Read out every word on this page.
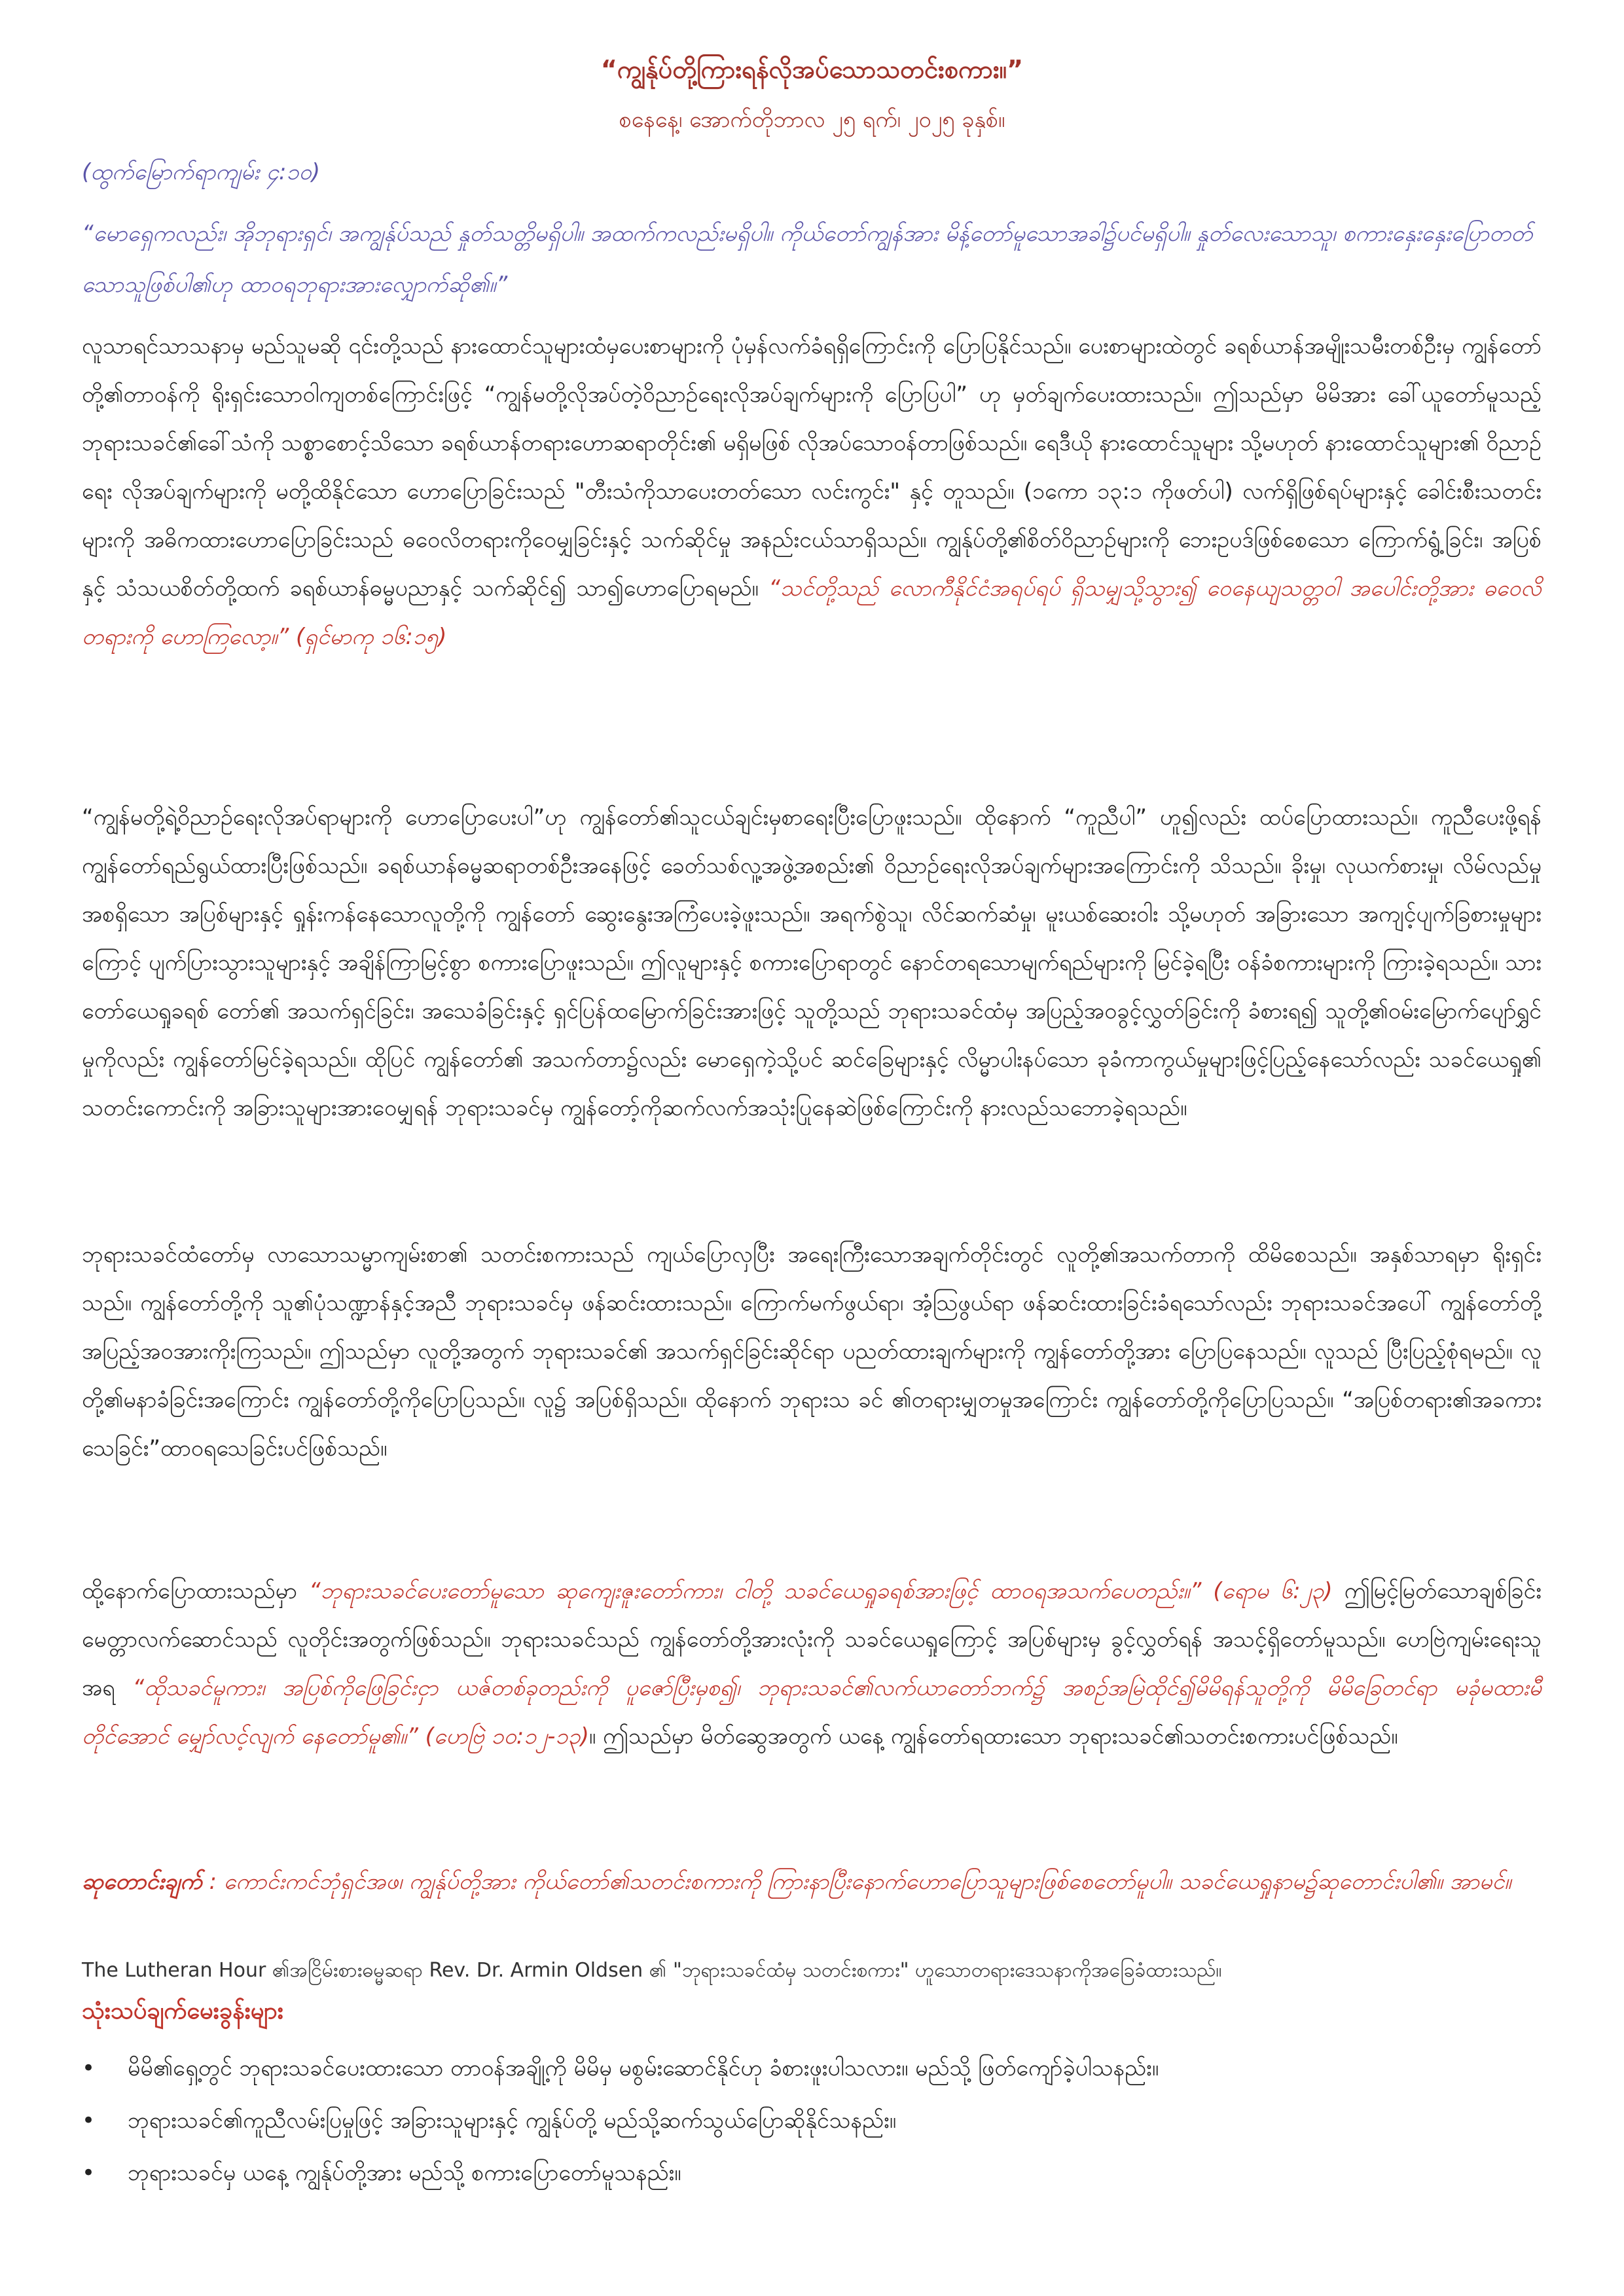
“ကျွန်ုပ်တို့ကြားရန်လိုအပ်သောသတင်းစကား။”
စနေနေ့၊ အောက်တိုဘာလ ၂၅ ရက်၊ ၂၀၂၅ ခုနှစ်။
(ထွက်မြောက်ရာကျမ်း ၄:၁၀)
“မောရှေကလည်း၊ အိုဘုရားရှင်၊ အကျွန်ုပ်သည် နှုတ်သတ္တိမရှိပါ။ အထက်ကလည်းမရှိပါ။ ကိုယ်တော်ကျွန်အား မိန့်တော်မူသောအခါ၌ပင်မရှိပါ။ နှုတ်လေးသောသူ၊ စကားနှေးနှေးပြောတတ်သောသူဖြစ်ပါ၏ဟု ထာဝရဘုရားအားလျှောက်ဆို၏။”
လူသာရင်သာသနာမှ မည်သူမဆို ၎င်းတို့သည် နားထောင်သူများထံမှပေးစာများကို ပုံမှန်လက်ခံရရှိကြောင်းကို ပြောပြနိုင်သည်။ ပေးစာများထဲတွင် ခရစ်ယာန်အမျိုးသမီးတစ်ဦးမှ ကျွန်တော်တို့၏တာဝန်ကို ရိုးရှင်းသောဝါကျတစ်ကြောင်းဖြင့် “ကျွန်မတို့လိုအပ်တဲ့ဝိညာဉ်ရေးလိုအပ်ချက်များကို ပြောပြပါ” ဟု မှတ်ချက်ပေးထားသည်။ ဤသည်မှာ မိမိအား ခေါ်ယူတော်မူသည့် ဘုရားသခင်၏ခေါ်သံကို သစ္စာစောင့်သိသော ခရစ်ယာန်တရားဟောဆရာတိုင်း၏ မရှိမဖြစ် လိုအပ်သောဝန်တာဖြစ်သည်။ ရေဒီယို နားထောင်သူများ သို့မဟုတ် နားထောင်သူများ၏ ဝိညာဉ်ရေး လိုအပ်ချက်များကို မတို့ထိနိုင်သော ဟောပြောခြင်းသည် "တီးသံကိုသာပေးတတ်သော လင်းကွင်း" နှင့် တူသည်။ (၁ကော ၁၃:၁ ကိုဖတ်ပါ) လက်ရှိဖြစ်ရပ်များနှင့် ခေါင်းစီးသတင်းများကို အဓိကထားဟောပြောခြင်းသည် ဓဝေလိတရားကိုဝေမျှခြင်းနှင့် သက်ဆိုင်မှု အနည်းငယ်သာရှိသည်။ ကျွန်ုပ်တို့၏စိတ်ဝိညာဉ်များကို ဘေးဥပဒ်ဖြစ်စေသော ကြောက်ရွံ့ခြင်း၊ အပြစ်နှင့် သံသယစိတ်တို့ထက် ခရစ်ယာန်ဓမ္မပညာနှင့် သက်ဆိုင်၍ သာ၍ဟောပြောရမည်။ “သင်တို့သည် လောကီနိုင်ငံအရပ်ရပ် ရှိသမျှသို့သွား၍ ဝေနေယျသတ္တဝါ အပေါင်းတို့အား ဓဝေလိတရားကို ဟောကြလော့။” (ရှင်မာကု ၁၆:၁၅)
“ကျွန်မတို့ရဲ့ဝိညာဉ်ရေးလိုအပ်ရာများကို ဟောပြောပေးပါ”ဟု ကျွန်တော်၏သူငယ်ချင်းမှစာရေးပြီးပြောဖူးသည်။ ထိုနောက် “ကူညီပါ” ဟူ၍လည်း ထပ်ပြောထားသည်။ ကူညီပေးဖို့ရန် ကျွန်တော်ရည်ရွယ်ထားပြီးဖြစ်သည်။ ခရစ်ယာန်ဓမ္မဆရာတစ်ဦးအနေဖြင့် ခေတ်သစ်လူ့အဖွဲ့အစည်း၏ ဝိညာဉ်ရေးလိုအပ်ချက်များအကြောင်းကို သိသည်။ ခိုးမှု၊ လုယက်စားမှု၊ လိမ်လည်မှု အစရှိသော အပြစ်များနှင့် ရှုန်းကန်နေသောလူတို့ကို ကျွန်တော် ဆွေးနွေးအကြံပေးခဲ့ဖူးသည်။ အရက်စွဲသူ၊ လိင်ဆက်ဆံမှု၊ မူးယစ်ဆေးဝါး သို့မဟုတ် အခြားသော အကျင့်ပျက်ခြစားမှုများကြောင့် ပျက်ပြားသွားသူများနှင့် အချိန်ကြာမြင့်စွာ စကားပြောဖူးသည်။ ဤလူများနှင့် စကားပြောရာတွင် နောင်တရသောမျက်ရည်များကို မြင်ခဲ့ရပြီး ဝန်ခံစကားများကို ကြားခဲ့ရသည်။ သားတော်ယေရှုခရစ် တော်၏ အသက်ရှင်ခြင်း၊ အသေခံခြင်းနှင့် ရှင်ပြန်ထမြောက်ခြင်းအားဖြင့် သူတို့သည် ဘုရားသခင်ထံမှ အပြည့်အဝခွင့်လွှတ်ခြင်းကို ခံစားရ၍ သူတို့၏ဝမ်းမြောက်ပျော်ရွှင်မှုကိုလည်း ကျွန်တော်မြင်ခဲ့ရသည်။ ထိုပြင် ကျွန်တော်၏ အသက်တာ၌လည်း မောရှေကဲ့သို့ပင် ဆင်ခြေများနှင့် လိမ္မာပါးနပ်သော ခုခံကာကွယ်မှုများဖြင့်ပြည့်နေသော်လည်း သခင်ယေရှု၏ သတင်းကောင်းကို အခြားသူများအားဝေမျှရန် ဘုရားသခင်မှ ကျွန်တော့်ကိုဆက်လက်အသုံးပြုနေဆဲဖြစ်ကြောင်းကို နားလည်သဘောခဲ့ရသည်။
ဘုရားသခင်ထံတော်မှ လာသောသမ္မာကျမ်းစာ၏ သတင်းစကားသည် ကျယ်ပြောလှပြီး အရေးကြီးသောအချက်တိုင်းတွင် လူတို့၏အသက်တာကို ထိမိစေသည်။ အနှစ်သာရမှာ ရိုးရှင်းသည်။ ကျွန်တော်တို့ကို သူ၏ပုံသဏ္ဍာန်နှင့်အညီ ဘုရားသခင်မှ ဖန်ဆင်းထားသည်။ ကြောက်မက်ဖွယ်ရာ၊ အံ့သြဖွယ်ရာ ဖန်ဆင်းထားခြင်းခံရသော်လည်း ဘုရားသခင်အပေါ် ကျွန်တော်တို့အပြည့်အဝအားကိုးကြသည်။ ဤသည်မှာ လူတို့အတွက် ဘုရားသခင်၏ အသက်ရှင်ခြင်းဆိုင်ရာ ပညတ်ထားချက်များကို ကျွန်တော်တို့အား ပြောပြနေသည်။ လူသည် ပြီးပြည့်စုံရမည်။ လူတို့၏မနာခံခြင်းအကြောင်း ကျွန်တော်တို့ကိုပြောပြသည်။ လူ၌ အပြစ်ရှိသည်။ ထိုနောက် ဘုရားသ ခင် ၏တရားမျှတမှုအကြောင်း ကျွန်တော်တို့ကိုပြောပြသည်။ “အပြစ်တရား၏အခကားသေခြင်း”ထာဝရသေခြင်းပင်ဖြစ်သည်။
ထို့နောက်ပြောထားသည်မှာ “ဘုရားသခင်ပေးတော်မူသော ဆုကျေးဇူးတော်ကား၊ ငါတို့ သခင်ယေရှုခရစ်အားဖြင့် ထာဝရအသက်ပေတည်း။” (ရောမ ၆:၂၃) ဤမြင့်မြတ်သောချစ်ခြင်းမေတ္တာလက်ဆောင်သည် လူတိုင်းအတွက်ဖြစ်သည်။ ဘုရားသခင်သည် ကျွန်တော်တို့အားလုံးကို သခင်ယေရှုကြောင့် အပြစ်များမှ ခွင့်လွှတ်ရန် အသင့်ရှိတော်မူသည်။ ဟေဗြဲကျမ်းရေးသူအရ “ထိုသခင်မူကား၊ အပြစ်ကိုဖြေခြင်းငှာ ယဇ်တစ်ခုတည်းကို ပူဇော်ပြီးမှစ၍၊ ဘုရားသခင်၏လက်ယာတော်ဘက်၌ အစဉ်အမြဲထိုင်၍မိမိရန်သူတို့ကို မိမိခြေတင်ရာ မခုံမထားမီတိုင်အောင် မျှော်လင့်လျက် နေတော်မူ၏။” (ဟေဗြဲ ၁၀:၁၂-၁၃)။ ဤသည်မှာ မိတ်ဆွေအတွက် ယနေ့ ကျွန်တော်ရထားသော ဘုရားသခင်၏သတင်းစကားပင်ဖြစ်သည်။
ဆုတောင်းချက် : ကောင်းကင်ဘုံရှင်အဖ၊ ကျွန်ုပ်တို့အား ကိုယ်တော်၏သတင်းစကားကို ကြားနာပြီးနောက်ဟောပြောသူများဖြစ်စေတော်မူပါ။ သခင်ယေရှုနာမ၌ဆုတောင်းပါ၏။ အာမင်။
The Lutheran Hour ၏အငြိမ်းစားဓမ္မဆရာ Rev. Dr. Armin Oldsen ၏ "ဘုရားသခင်ထံမှ သတင်းစကား" ဟူသောတရားဒေသနာကိုအခြေခံထားသည်။
သုံးသပ်ချက်မေးခွန်းများ
• မိမိ၏ရှေ့တွင် ဘုရားသခင်ပေးထားသော တာဝန်အချို့ကို မိမိမှ မစွမ်းဆောင်နိုင်ဟု ခံစားဖူးပါသလား။ မည်သို့ ဖြတ်ကျော်ခဲ့ပါသနည်း။
• ဘုရားသခင်၏ကူညီလမ်းပြမှုဖြင့် အခြားသူများနှင့် ကျွန်ုပ်တို့ မည်သို့ဆက်သွယ်ပြောဆိုနိုင်သနည်း။
• ဘုရားသခင်မှ ယနေ့ ကျွန်ုပ်တို့အား မည်သို့ စကားပြောတော်မူသနည်း။
